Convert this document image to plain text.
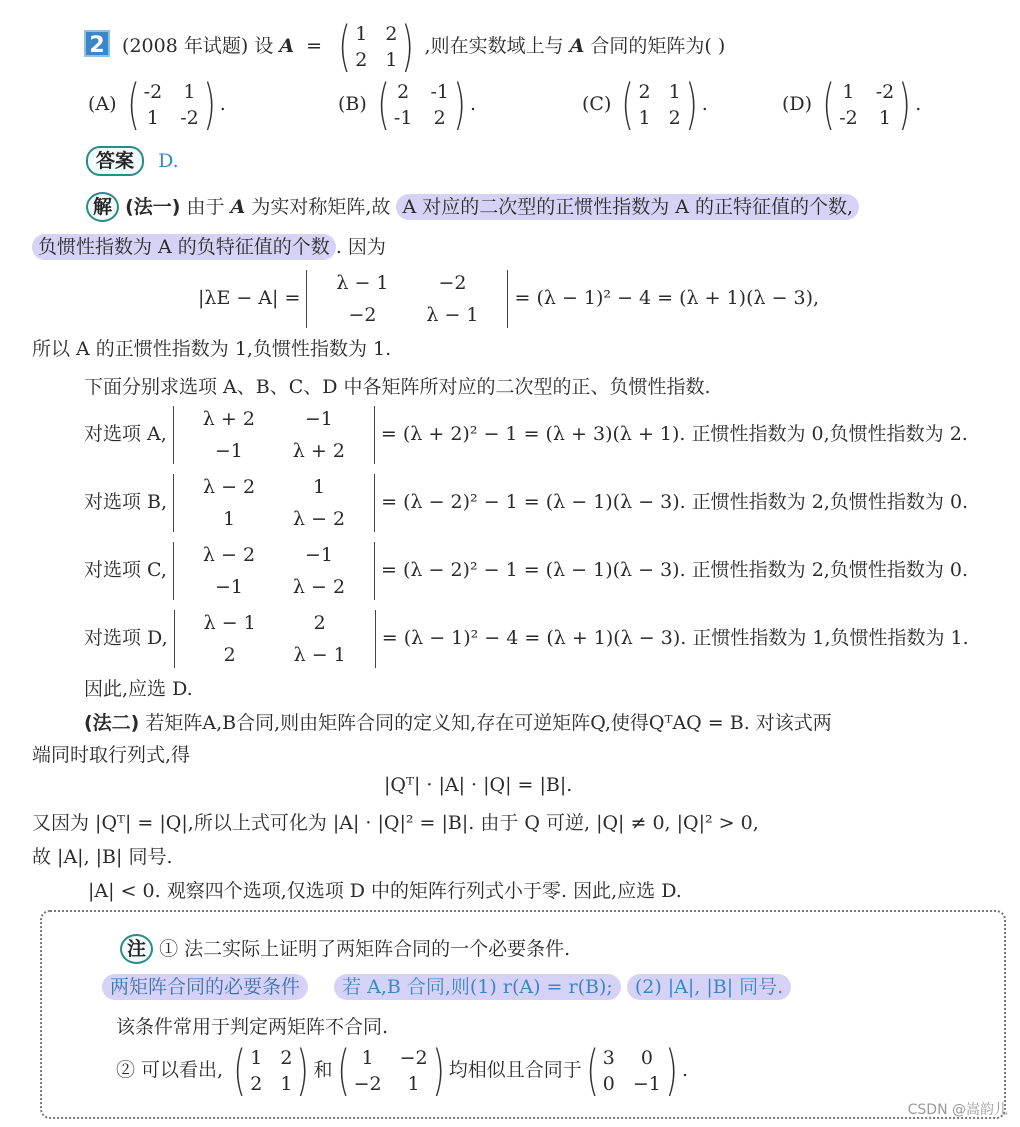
2 (2008 年试题) 设 A = ( 1 2
2 1 ) ,则在实数域上与 A 合同的矩阵为( )
(A) ( -2 1
1 -2 ) .	(B) ( 2 -1
-1 2 ) .	(C) ( 2 1
1 2 ) .	(D) ( 1 -2
-2 1 ) .
答案 D.
解 (法一) 由于 A 为实对称矩阵,故 A 对应的二次型的正惯性指数为 A 的正特征值的个数,
负惯性指数为 A 的负特征值的个数 . 因为
|λE − A| =
λ − 1	−2
−2	λ − 1
= (λ − 1)² − 4 = (λ + 1)(λ − 3),
所以 A 的正惯性指数为 1,负惯性指数为 1.
下面分别求选项 A、B、C、D 中各矩阵所对应的二次型的正、负惯性指数.
对选项 A,
λ + 2	−1
−1	λ + 2
= (λ + 2)² − 1 = (λ + 3)(λ + 1). 正惯性指数为 0,负惯性指数为 2.
对选项 B,
λ − 2	1
1	λ − 2
= (λ − 2)² − 1 = (λ − 1)(λ − 3). 正惯性指数为 2,负惯性指数为 0.
对选项 C,
λ − 2	−1
−1	λ − 2
= (λ − 2)² − 1 = (λ − 1)(λ − 3). 正惯性指数为 2,负惯性指数为 0.
对选项 D,
λ − 1	2
2	λ − 1
= (λ − 1)² − 4 = (λ + 1)(λ − 3). 正惯性指数为 1,负惯性指数为 1.
因此,应选 D.
(法二) 若矩阵A,B合同,则由矩阵合同的定义知,存在可逆矩阵Q,使得QᵀAQ = B. 对该式两
端同时取行列式,得
|Qᵀ| · |A| · |Q| = |B|.
又因为 |Qᵀ| = |Q|,所以上式可化为 |A| · |Q|² = |B|. 由于 Q 可逆, |Q| ≠ 0, |Q|² > 0,
故 |A|, |B| 同号.
|A| < 0. 观察四个选项,仅选项 D 中的矩阵行列式小于零. 因此,应选 D.
注 ① 法二实际上证明了两矩阵合同的一个必要条件.
两矩阵合同的必要条件 若 A,B 合同,则(1) r(A) = r(B); (2) |A|, |B| 同号.
该条件常用于判定两矩阵不合同.
② 可以看出, ( 1 2
2 1 ) 和 ( 1	−2
−2	1 ) 均相似且合同于 ( 3	0
0 −1 ) .
CSDN @嵩韵儿
